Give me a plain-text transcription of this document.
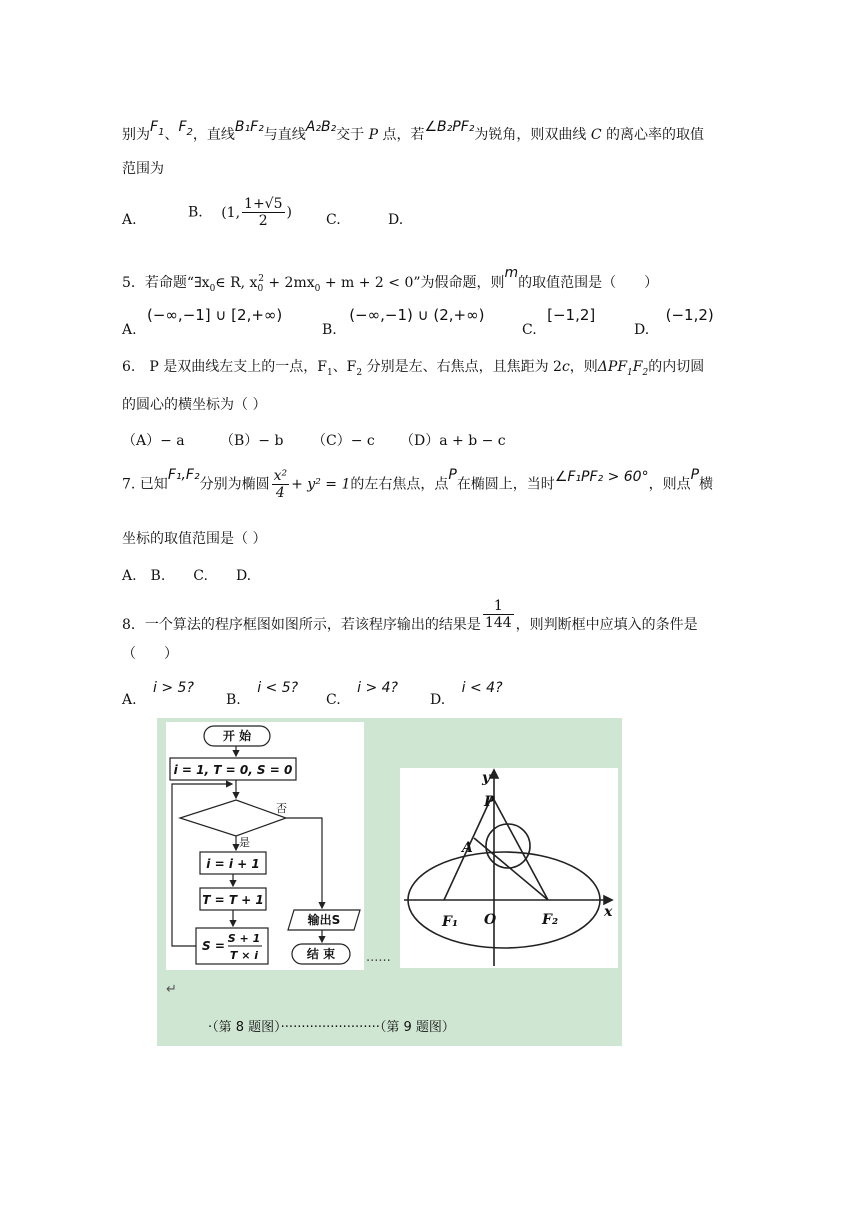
别为$F_1$、$F_2$，直线B₁F₂与直线A₂B₂交于 P 点，若∠B₂PF₂为锐角，则双曲线 C 的离心率的取值
范围为
A.	B. (1, $\frac{1+√5}{2}$ ) C.	D.
5．若命题“$\exists x_0\in$ R, $x_0^2 + 2mx_0 + m + 2 < 0$”为假命题，则m的取值范围是（　　）
A. (−∞,−1] ∪ [2,+∞)
B. (−∞,−1) ∪ (2,+∞)
C. [−1,2]
D. (−1,2)
6.　P 是双曲线左支上的一点，$F_1$、$F_2$ 分别是左、右焦点，且焦距为 2c，则$\Delta PF_1F_2$的内切圆
的圆心的横坐标为（ ）
（A）− a	（B）− b （C）− c （D）a + b − c
7. 已知F₁,F₂分别为椭圆 $\frac{\text{x²}}{4} + y^2 = 1$的左右焦点，点P在椭圆上，当时∠F₁PF₂ > 60°，则点P横
坐标的取值范围是（ ）
A.　B.　　C.　　D.
8．一个算法的程序框图如图所示，若该程序输出的结果是 $\frac{1}{144}$ ，则判断框中应填入的条件是
（　　）
A. i > 5?
B. i < 5?
C. i > 4?
D. i < 4?
开 始
i = 1, T = 0, S = 0
否
是
i = i + 1
T = T + 1
S =
S + 1
T × i
输出S
结 束
y
P
A
O
F₁	F₂	x
······
↵
·（第 8 题图）························（第 9 题图）
